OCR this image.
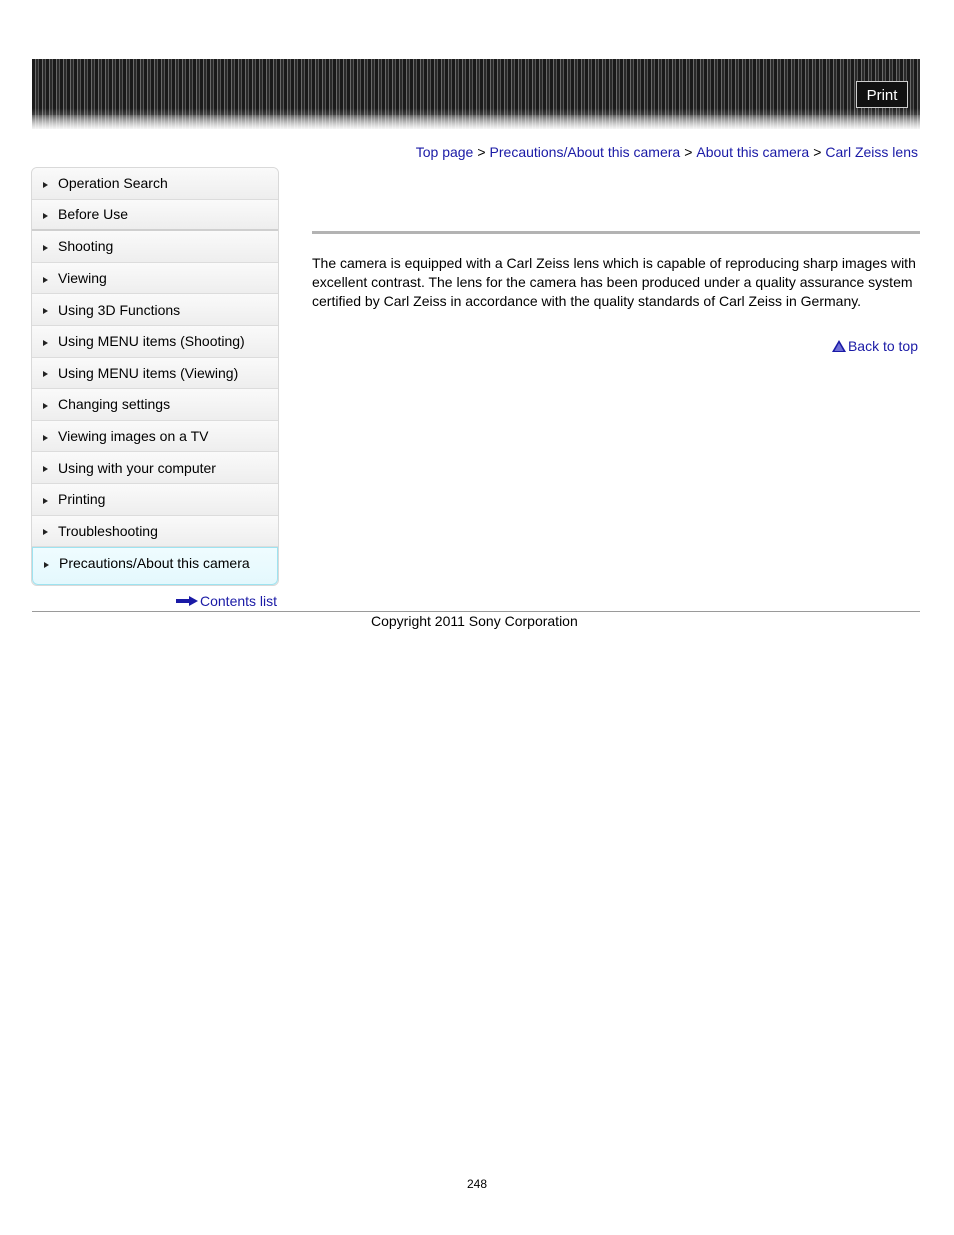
Print
Top page > Precautions/About this camera > About this camera > Carl Zeiss lens
Operation Search
Before Use
Shooting
Viewing
Using 3D Functions
Using MENU items (Shooting)
Using MENU items (Viewing)
Changing settings
Viewing images on a TV
Using with your computer
Printing
Troubleshooting
Precautions/About this camera
Contents list
The camera is equipped with a Carl Zeiss lens which is capable of reproducing sharp images with excellent contrast. The lens for the camera has been produced under a quality assurance system certified by Carl Zeiss in accordance with the quality standards of Carl Zeiss in Germany.
Back to top
Copyright 2011 Sony Corporation
248
